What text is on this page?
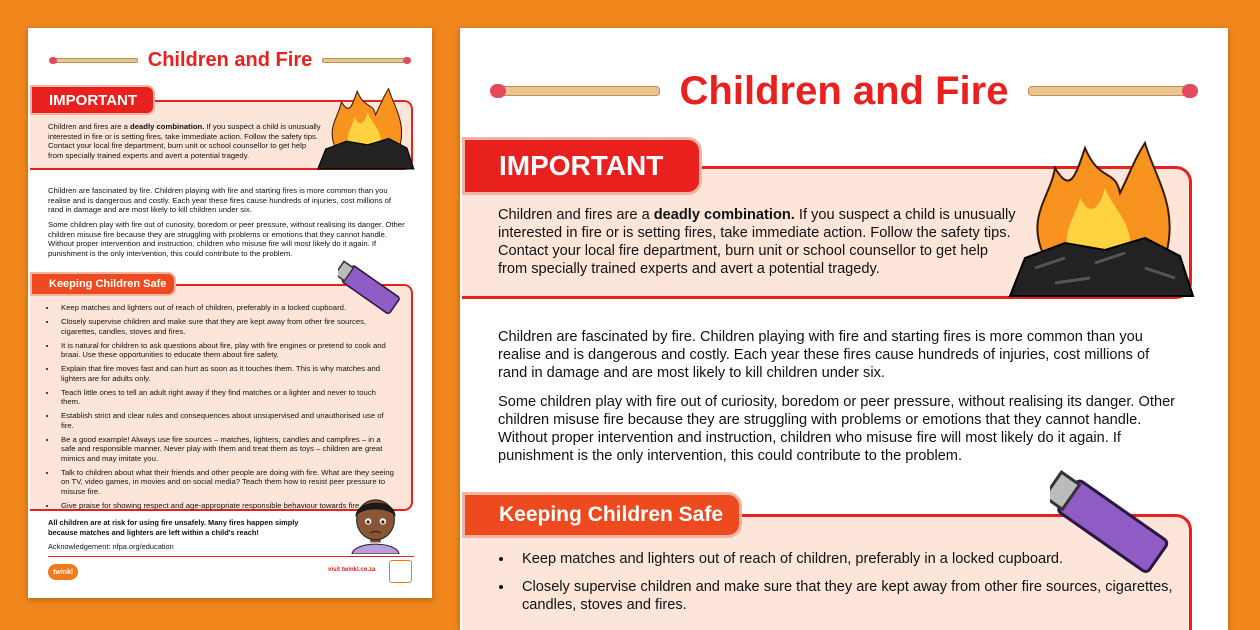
Children and Fire
IMPORTANT
Children and fires are a deadly combination. If you suspect a child is unusually interested in fire or is setting fires, take immediate action. Follow the safety tips. Contact your local fire department, burn unit or school counsellor to get help from specially trained experts and avert a potential tragedy.

Children are fascinated by fire. Children playing with fire and starting fires is more common than you realise and is dangerous and costly. Each year these fires cause hundreds of injuries, cost millions of rand in damage and are most likely to kill children under six.

Some children play with fire out of curiosity, boredom or peer pressure, without realising its danger. Other children misuse fire because they are struggling with problems or emotions that they cannot handle. Without proper intervention and instruction, children who misuse fire will most likely do it again. If punishment is the only intervention, this could contribute to the problem.

Keeping Children Safe
• Keep matches and lighters out of reach of children, preferably in a locked cupboard.
• Closely supervise children and make sure that they are kept away from other fire sources, cigarettes, candles, stoves and fires.
• It is natural for children to ask questions about fire, play with fire engines or pretend to cook and braai. Use these opportunities to educate them about fire safety.
• Explain that fire moves fast and can hurt as soon as it touches them. This is why matches and lighters are for adults only.
• Teach little ones to tell an adult right away if they find matches or a lighter and never to touch them.
• Establish strict and clear rules and consequences about unsupervised and unauthorised use of fire.
• Be a good example! Always use fire sources – matches, lighters, candles and campfires – in a safe and responsible manner. Never play with them and treat them as toys – children are great mimics and may imitate you.
• Talk to children about what their friends and other people are doing with fire. What are they seeing on TV, video games, in movies and on social media? Teach them how to resist peer pressure to misuse fire.
• Give praise for showing respect and age-appropriate responsible behaviour towards fire.
All children are at risk for using fire unsafely. Many fires happen simply because matches and lighters are left within a child's reach!
Acknowledgement: nfpa.org/education
twinkl	visit twinkl.co.za
Children and Fire
IMPORTANT
Children and fires are a deadly combination. If you suspect a child is unusually interested in fire or is setting fires, take immediate action. Follow the safety tips. Contact your local fire department, burn unit or school counsellor to get help from specially trained experts and avert a potential tragedy.

Children are fascinated by fire. Children playing with fire and starting fires is more common than you realise and is dangerous and costly. Each year these fires cause hundreds of injuries, cost millions of rand in damage and are most likely to kill children under six.

Some children play with fire out of curiosity, boredom or peer pressure, without realising its danger. Other children misuse fire because they are struggling with problems or emotions that they cannot handle. Without proper intervention and instruction, children who misuse fire will most likely do it again. If punishment is the only intervention, this could contribute to the problem.

Keeping Children Safe
• Keep matches and lighters out of reach of children, preferably in a locked cupboard.
• Closely supervise children and make sure that they are kept away from other fire sources, cigarettes, candles, stoves and fires.
